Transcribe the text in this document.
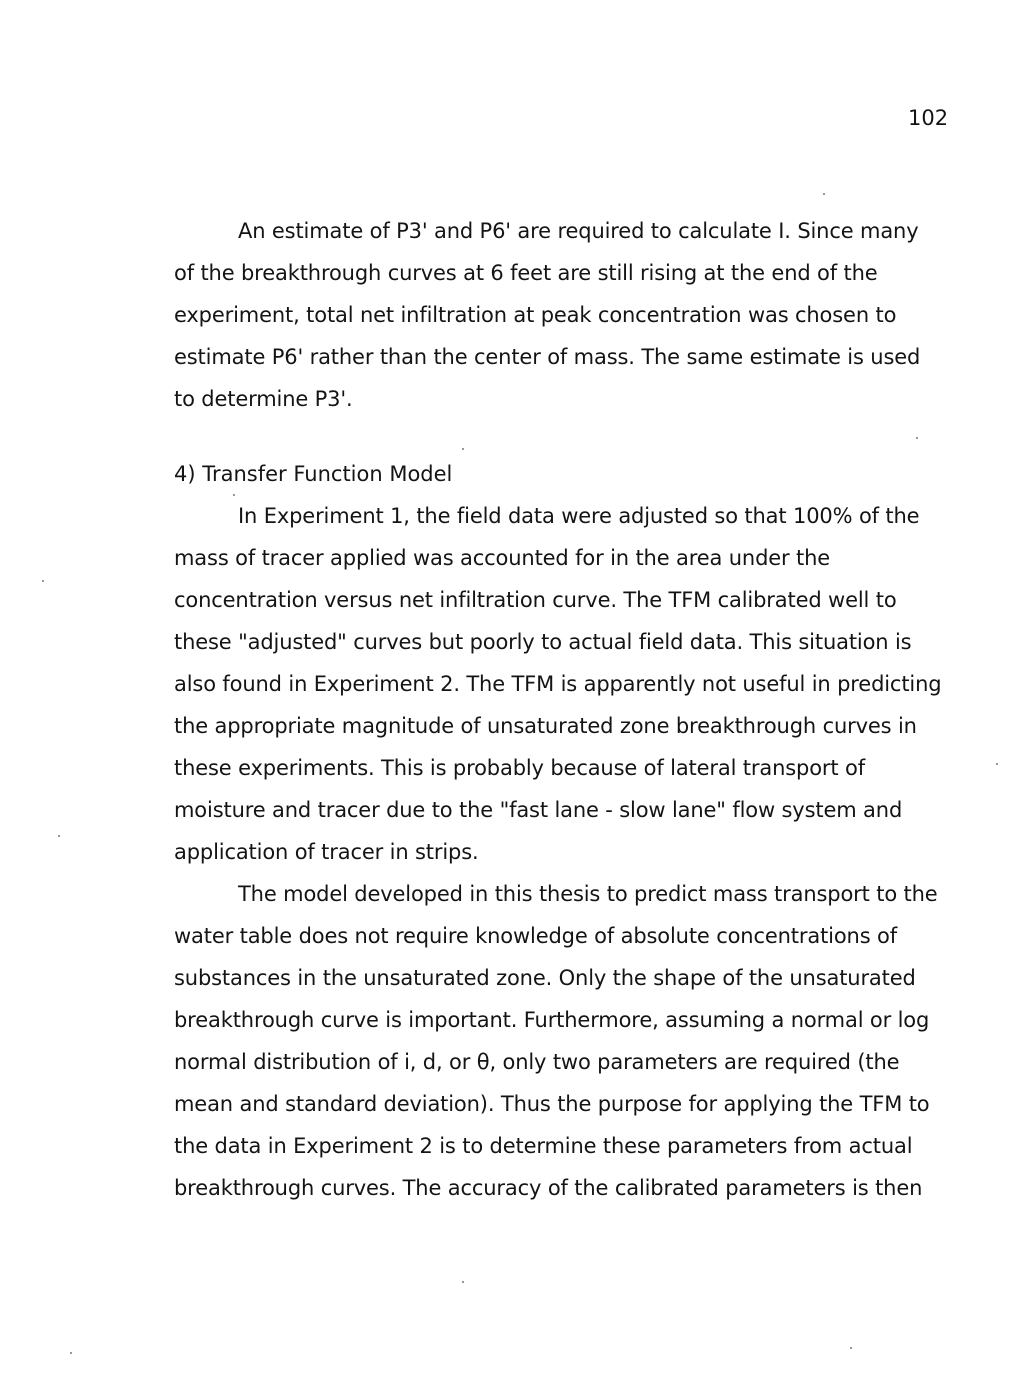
102

An estimate of P3' and P6' are required to calculate I. Since many

of the breakthrough curves at 6 feet are still rising at the end of the

experiment, total net infiltration at peak concentration was chosen to

estimate P6' rather than the center of mass. The same estimate is used

to determine P3'.

4) Transfer Function Model

In Experiment 1, the field data were adjusted so that 100% of the

mass of tracer applied was accounted for in the area under the

concentration versus net infiltration curve. The TFM calibrated well to

these "adjusted" curves but poorly to actual field data. This situation is

also found in Experiment 2. The TFM is apparently not useful in predicting

the appropriate magnitude of unsaturated zone breakthrough curves in

these experiments. This is probably because of lateral transport of

moisture and tracer due to the "fast lane - slow lane" flow system and

application of tracer in strips.

The model developed in this thesis to predict mass transport to the

water table does not require knowledge of absolute concentrations of

substances in the unsaturated zone. Only the shape of the unsaturated

breakthrough curve is important. Furthermore, assuming a normal or log

normal distribution of i, d, or θ, only two parameters are required (the

mean and standard deviation). Thus the purpose for applying the TFM to

the data in Experiment 2 is to determine these parameters from actual

breakthrough curves. The accuracy of the calibrated parameters is then
